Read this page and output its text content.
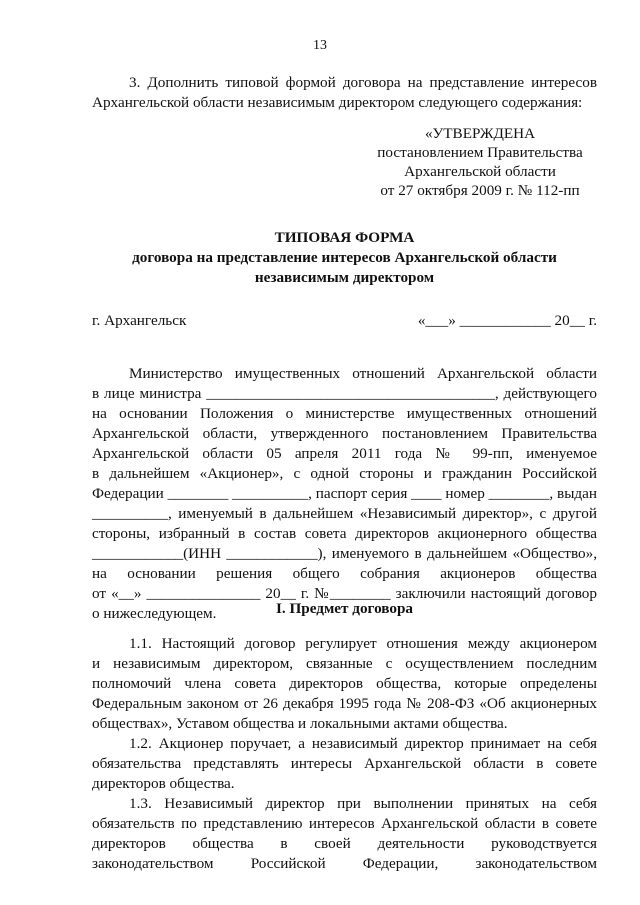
13

3. Дополнить типовой формой договора на представление интересов

Архангельской области независимым директором следующего содержания:

«УТВЕРЖДЕНА

постановлением Правительства

Архангельской области

от 27 октября 2009 г. № 112-пп

ТИПОВАЯ ФОРМА

договора на представление интересов Архангельской области

независимым директором

г. Архангельск	«___» ____________ 20__ г.

Министерство имущественных отношений Архангельской области

в лице министра ______________________________________, действующего

на основании Положения о министерстве имущественных отношений

Архангельской области, утвержденного постановлением Правительства

Архангельской области 05 апреля 2011 года № 99-пп, именуемое

в дальнейшем «Акционер», с одной стороны и гражданин Российской

Федерации ________ __________, паспорт серия ____ номер ________, выдан

__________, именуемый в дальнейшем «Независимый директор», с другой

стороны, избранный в состав совета директоров акционерного общества

____________(ИНН ____________), именуемого в дальнейшем «Общество»,

на основании решения общего собрания акционеров общества

от «__» _______________ 20__ г. №________ заключили настоящий договор

о нижеследующем.	I. Предмет договора

1.1. Настоящий договор регулирует отношения между акционером

и независимым директором, связанные с осуществлением последним

полномочий члена совета директоров общества, которые определены

Федеральным законом от 26 декабря 1995 года № 208-ФЗ «Об акционерных

обществах», Уставом общества и локальными актами общества.

1.2. Акционер поручает, а независимый директор принимает на себя

обязательства представлять интересы Архангельской области в совете

директоров общества.

1.3. Независимый директор при выполнении принятых на себя

обязательств по представлению интересов Архангельской области в совете

директоров общества в своей деятельности руководствуется

законодательством Российской Федерации, законодательством
